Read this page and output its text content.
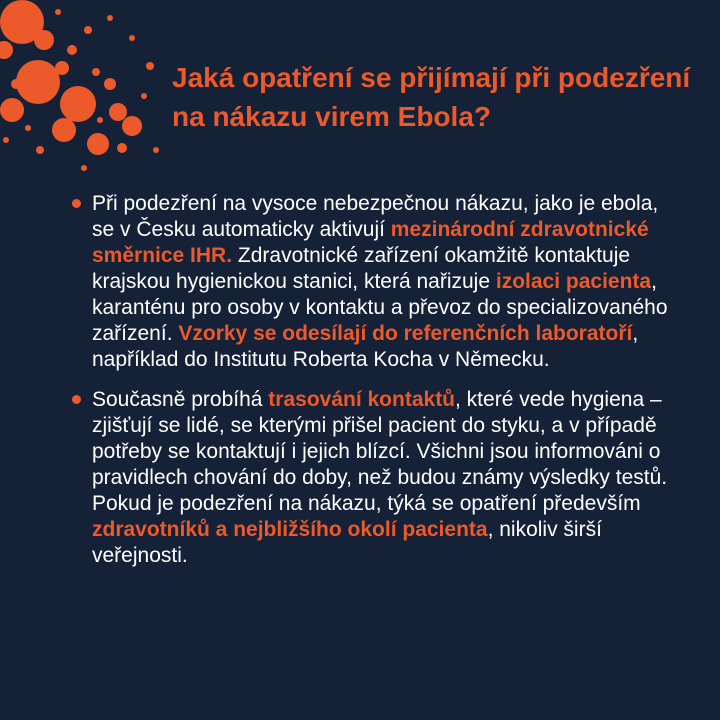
Jaká opatření se přijímají při podezření na nákazu virem Ebola?
Při podezření na vysoce nebezpečnou nákazu, jako je ebola, se v Česku automaticky aktivují mezinárodní zdravotnické směrnice IHR. Zdravotnické zařízení okamžitě kontaktuje krajskou hygienickou stanici, která nařizuje izolaci pacienta, karanténu pro osoby v kontaktu a převoz do specializovaného zařízení. Vzorky se odesílají do referenčních laboratoří, například do Institutu Roberta Kocha v Německu.
Současně probíhá trasování kontaktů, které vede hygiena – zjišťují se lidé, se kterými přišel pacient do styku, a v případě potřeby se kontaktují i jejich blízcí. Všichni jsou informováni o pravidlech chování do doby, než budou známy výsledky testů. Pokud je podezření na nákazu, týká se opatření především zdravotníků a nejbližšího okolí pacienta, nikoliv širší veřejnosti.
